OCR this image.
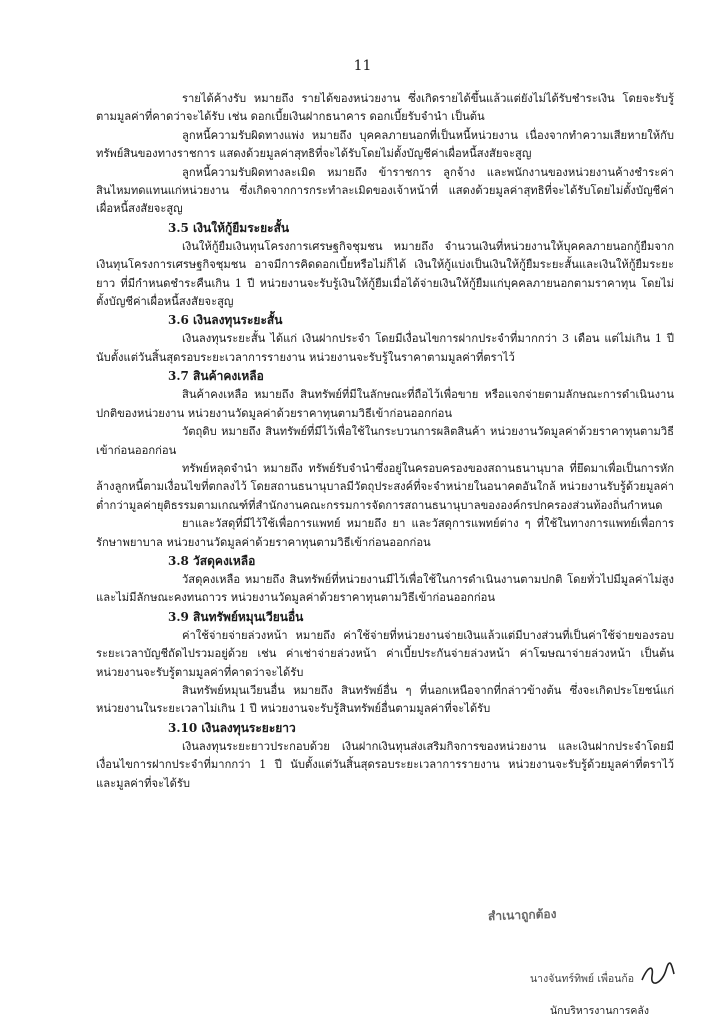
11

รายได้ค้างรับ หมายถึง รายได้ของหน่วยงาน ซึ่งเกิดรายได้ขึ้นแล้วแต่ยังไม่ได้รับชำระเงิน โดยจะรับรู้ตามมูลค่าที่คาดว่าจะได้รับ เช่น ดอกเบี้ยเงินฝากธนาคาร ดอกเบี้ยรับจำนำ เป็นต้น

ลูกหนี้ความรับผิดทางแพ่ง หมายถึง บุคคลภายนอกที่เป็นหนี้หน่วยงาน เนื่องจากทำความเสียหายให้กับทรัพย์สินของทางราชการ แสดงด้วยมูลค่าสุทธิที่จะได้รับโดยไม่ตั้งบัญชีค่าเผื่อหนี้สงสัยจะสูญ

ลูกหนี้ความรับผิดทางละเมิด หมายถึง ข้าราชการ ลูกจ้าง และพนักงานของหน่วยงานค้างชำระค่าสินไหมทดแทนแก่หน่วยงาน ซึ่งเกิดจากการกระทำละเมิดของเจ้าหน้าที่ แสดงด้วยมูลค่าสุทธิที่จะได้รับโดยไม่ตั้งบัญชีค่าเผื่อหนี้สงสัยจะสูญ

3.5 เงินให้กู้ยืมระยะสั้น

เงินให้กู้ยืมเงินทุนโครงการเศรษฐกิจชุมชน หมายถึง จำนวนเงินที่หน่วยงานให้บุคคลภายนอกกู้ยืมจากเงินทุนโครงการเศรษฐกิจชุมชน อาจมีการคิดดอกเบี้ยหรือไม่ก็ได้ เงินให้กู้แบ่งเป็นเงินให้กู้ยืมระยะสั้นและเงินให้กู้ยืมระยะยาว ที่มีกำหนดชำระคืนเกิน 1 ปี หน่วยงานจะรับรู้เงินให้กู้ยืมเมื่อได้จ่ายเงินให้กู้ยืมแก่บุคคลภายนอกตามราคาทุน โดยไม่ตั้งบัญชีค่าเผื่อหนี้สงสัยจะสูญ

3.6 เงินลงทุนระยะสั้น

เงินลงทุนระยะสั้น ได้แก่ เงินฝากประจำ โดยมีเงื่อนไขการฝากประจำที่มากกว่า 3 เดือน แต่ไม่เกิน 1 ปี นับตั้งแต่วันสิ้นสุดรอบระยะเวลาการรายงาน หน่วยงานจะรับรู้ในราคาตามมูลค่าที่ตราไว้

3.7 สินค้าคงเหลือ

สินค้าคงเหลือ หมายถึง สินทรัพย์ที่มีในลักษณะที่ถือไว้เพื่อขาย หรือแจกจ่ายตามลักษณะการดำเนินงานปกติของหน่วยงาน หน่วยงานวัดมูลค่าด้วยราคาทุนตามวิธีเข้าก่อนออกก่อน

วัตถุดิบ หมายถึง สินทรัพย์ที่มีไว้เพื่อใช้ในกระบวนการผลิตสินค้า หน่วยงานวัดมูลค่าด้วยราคาทุนตามวิธีเข้าก่อนออกก่อน

ทรัพย์หลุดจำนำ หมายถึง ทรัพย์รับจำนำซึ่งอยู่ในครอบครองของสถานธนานุบาล ที่ยึดมาเพื่อเป็นการหักล้างลูกหนี้ตามเงื่อนไขที่ตกลงไว้ โดยสถานธนานุบาลมีวัตถุประสงค์ที่จะจำหน่ายในอนาคตอันใกล้ หน่วยงานรับรู้ด้วยมูลค่าต่ำกว่ามูลค่ายุติธรรมตามเกณฑ์ที่สำนักงานคณะกรรมการจัดการสถานธนานุบาลขององค์กรปกครองส่วนท้องถิ่นกำหนด

ยาและวัสดุที่มีไว้ใช้เพื่อการแพทย์ หมายถึง ยา และวัสดุการแพทย์ต่าง ๆ ที่ใช้ในทางการแพทย์เพื่อการรักษาพยาบาล หน่วยงานวัดมูลค่าด้วยราคาทุนตามวิธีเข้าก่อนออกก่อน

3.8 วัสดุคงเหลือ

วัสดุคงเหลือ หมายถึง สินทรัพย์ที่หน่วยงานมีไว้เพื่อใช้ในการดำเนินงานตามปกติ โดยทั่วไปมีมูลค่าไม่สูง และไม่มีลักษณะคงทนถาวร หน่วยงานวัดมูลค่าด้วยราคาทุนตามวิธีเข้าก่อนออกก่อน

3.9 สินทรัพย์หมุนเวียนอื่น

ค่าใช้จ่ายจ่ายล่วงหน้า หมายถึง ค่าใช้จ่ายที่หน่วยงานจ่ายเงินแล้วแต่มีบางส่วนที่เป็นค่าใช้จ่ายของรอบระยะเวลาบัญชีถัดไปรวมอยู่ด้วย เช่น ค่าเช่าจ่ายล่วงหน้า ค่าเบี้ยประกันจ่ายล่วงหน้า ค่าโฆษณาจ่ายล่วงหน้า เป็นต้น หน่วยงานจะรับรู้ตามมูลค่าที่คาดว่าจะได้รับ

สินทรัพย์หมุนเวียนอื่น หมายถึง สินทรัพย์อื่น ๆ ที่นอกเหนือจากที่กล่าวข้างต้น ซึ่งจะเกิดประโยชน์แก่หน่วยงานในระยะเวลาไม่เกิน 1 ปี หน่วยงานจะรับรู้สินทรัพย์อื่นตามมูลค่าที่จะได้รับ

3.10 เงินลงทุนระยะยาว

เงินลงทุนระยะยาวประกอบด้วย เงินฝากเงินทุนส่งเสริมกิจการของหน่วยงาน และเงินฝากประจำโดยมีเงื่อนไขการฝากประจำที่มากกว่า 1 ปี นับตั้งแต่วันสิ้นสุดรอบระยะเวลาการรายงาน หน่วยงานจะรับรู้ด้วยมูลค่าที่ตราไว้ และมูลค่าที่จะได้รับ

สำเนาถูกต้อง
นางจันทร์ทิพย์ เพื่อนก้อ
นักบริหารงานการคลัง
